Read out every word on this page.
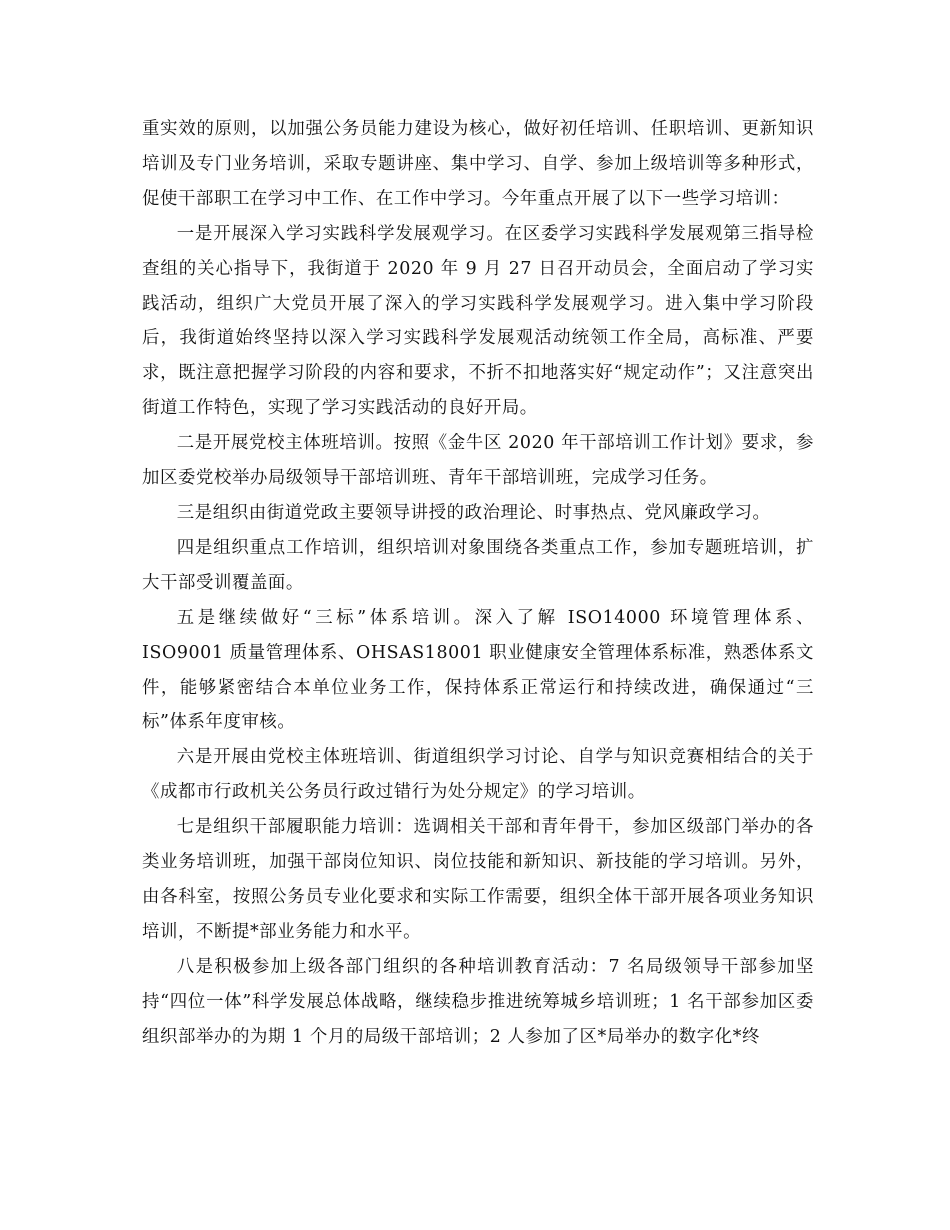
重实效的原则，以加强公务员能力建设为核心，做好初任培训、任职培训、更新知识培训及专门业务培训，采取专题讲座、集中学习、自学、参加上级培训等多种形式，促使干部职工在学习中工作、在工作中学习。今年重点开展了以下一些学习培训：

一是开展深入学习实践科学发展观学习。在区委学习实践科学发展观第三指导检查组的关心指导下，我街道于 2020 年 9 月 27 日召开动员会，全面启动了学习实践活动，组织广大党员开展了深入的学习实践科学发展观学习。进入集中学习阶段后，我街道始终坚持以深入学习实践科学发展观活动统领工作全局，高标准、严要求，既注意把握学习阶段的内容和要求，不折不扣地落实好“规定动作”；又注意突出街道工作特色，实现了学习实践活动的良好开局。

二是开展党校主体班培训。按照《金牛区 2020 年干部培训工作计划》要求，参加区委党校举办局级领导干部培训班、青年干部培训班，完成学习任务。

三是组织由街道党政主要领导讲授的政治理论、时事热点、党风廉政学习。

四是组织重点工作培训，组织培训对象围绕各类重点工作，参加专题班培训，扩大干部受训覆盖面。

五是继续做好“三标”体系培训。深入了解 ISO14000 环境管理体系、ISO9001 质量管理体系、OHSAS18001 职业健康安全管理体系标准，熟悉体系文件，能够紧密结合本单位业务工作，保持体系正常运行和持续改进，确保通过“三标”体系年度审核。

六是开展由党校主体班培训、街道组织学习讨论、自学与知识竞赛相结合的关于《成都市行政机关公务员行政过错行为处分规定》的学习培训。

七是组织干部履职能力培训：选调相关干部和青年骨干，参加区级部门举办的各类业务培训班，加强干部岗位知识、岗位技能和新知识、新技能的学习培训。另外，由各科室，按照公务员专业化要求和实际工作需要，组织全体干部开展各项业务知识培训，不断提*部业务能力和水平。

八是积极参加上级各部门组织的各种培训教育活动：7 名局级领导干部参加坚持“四位一体”科学发展总体战略，继续稳步推进统筹城乡培训班；1 名干部参加区委组织部举办的为期 1 个月的局级干部培训；2 人参加了区*局举办的数字化*终
